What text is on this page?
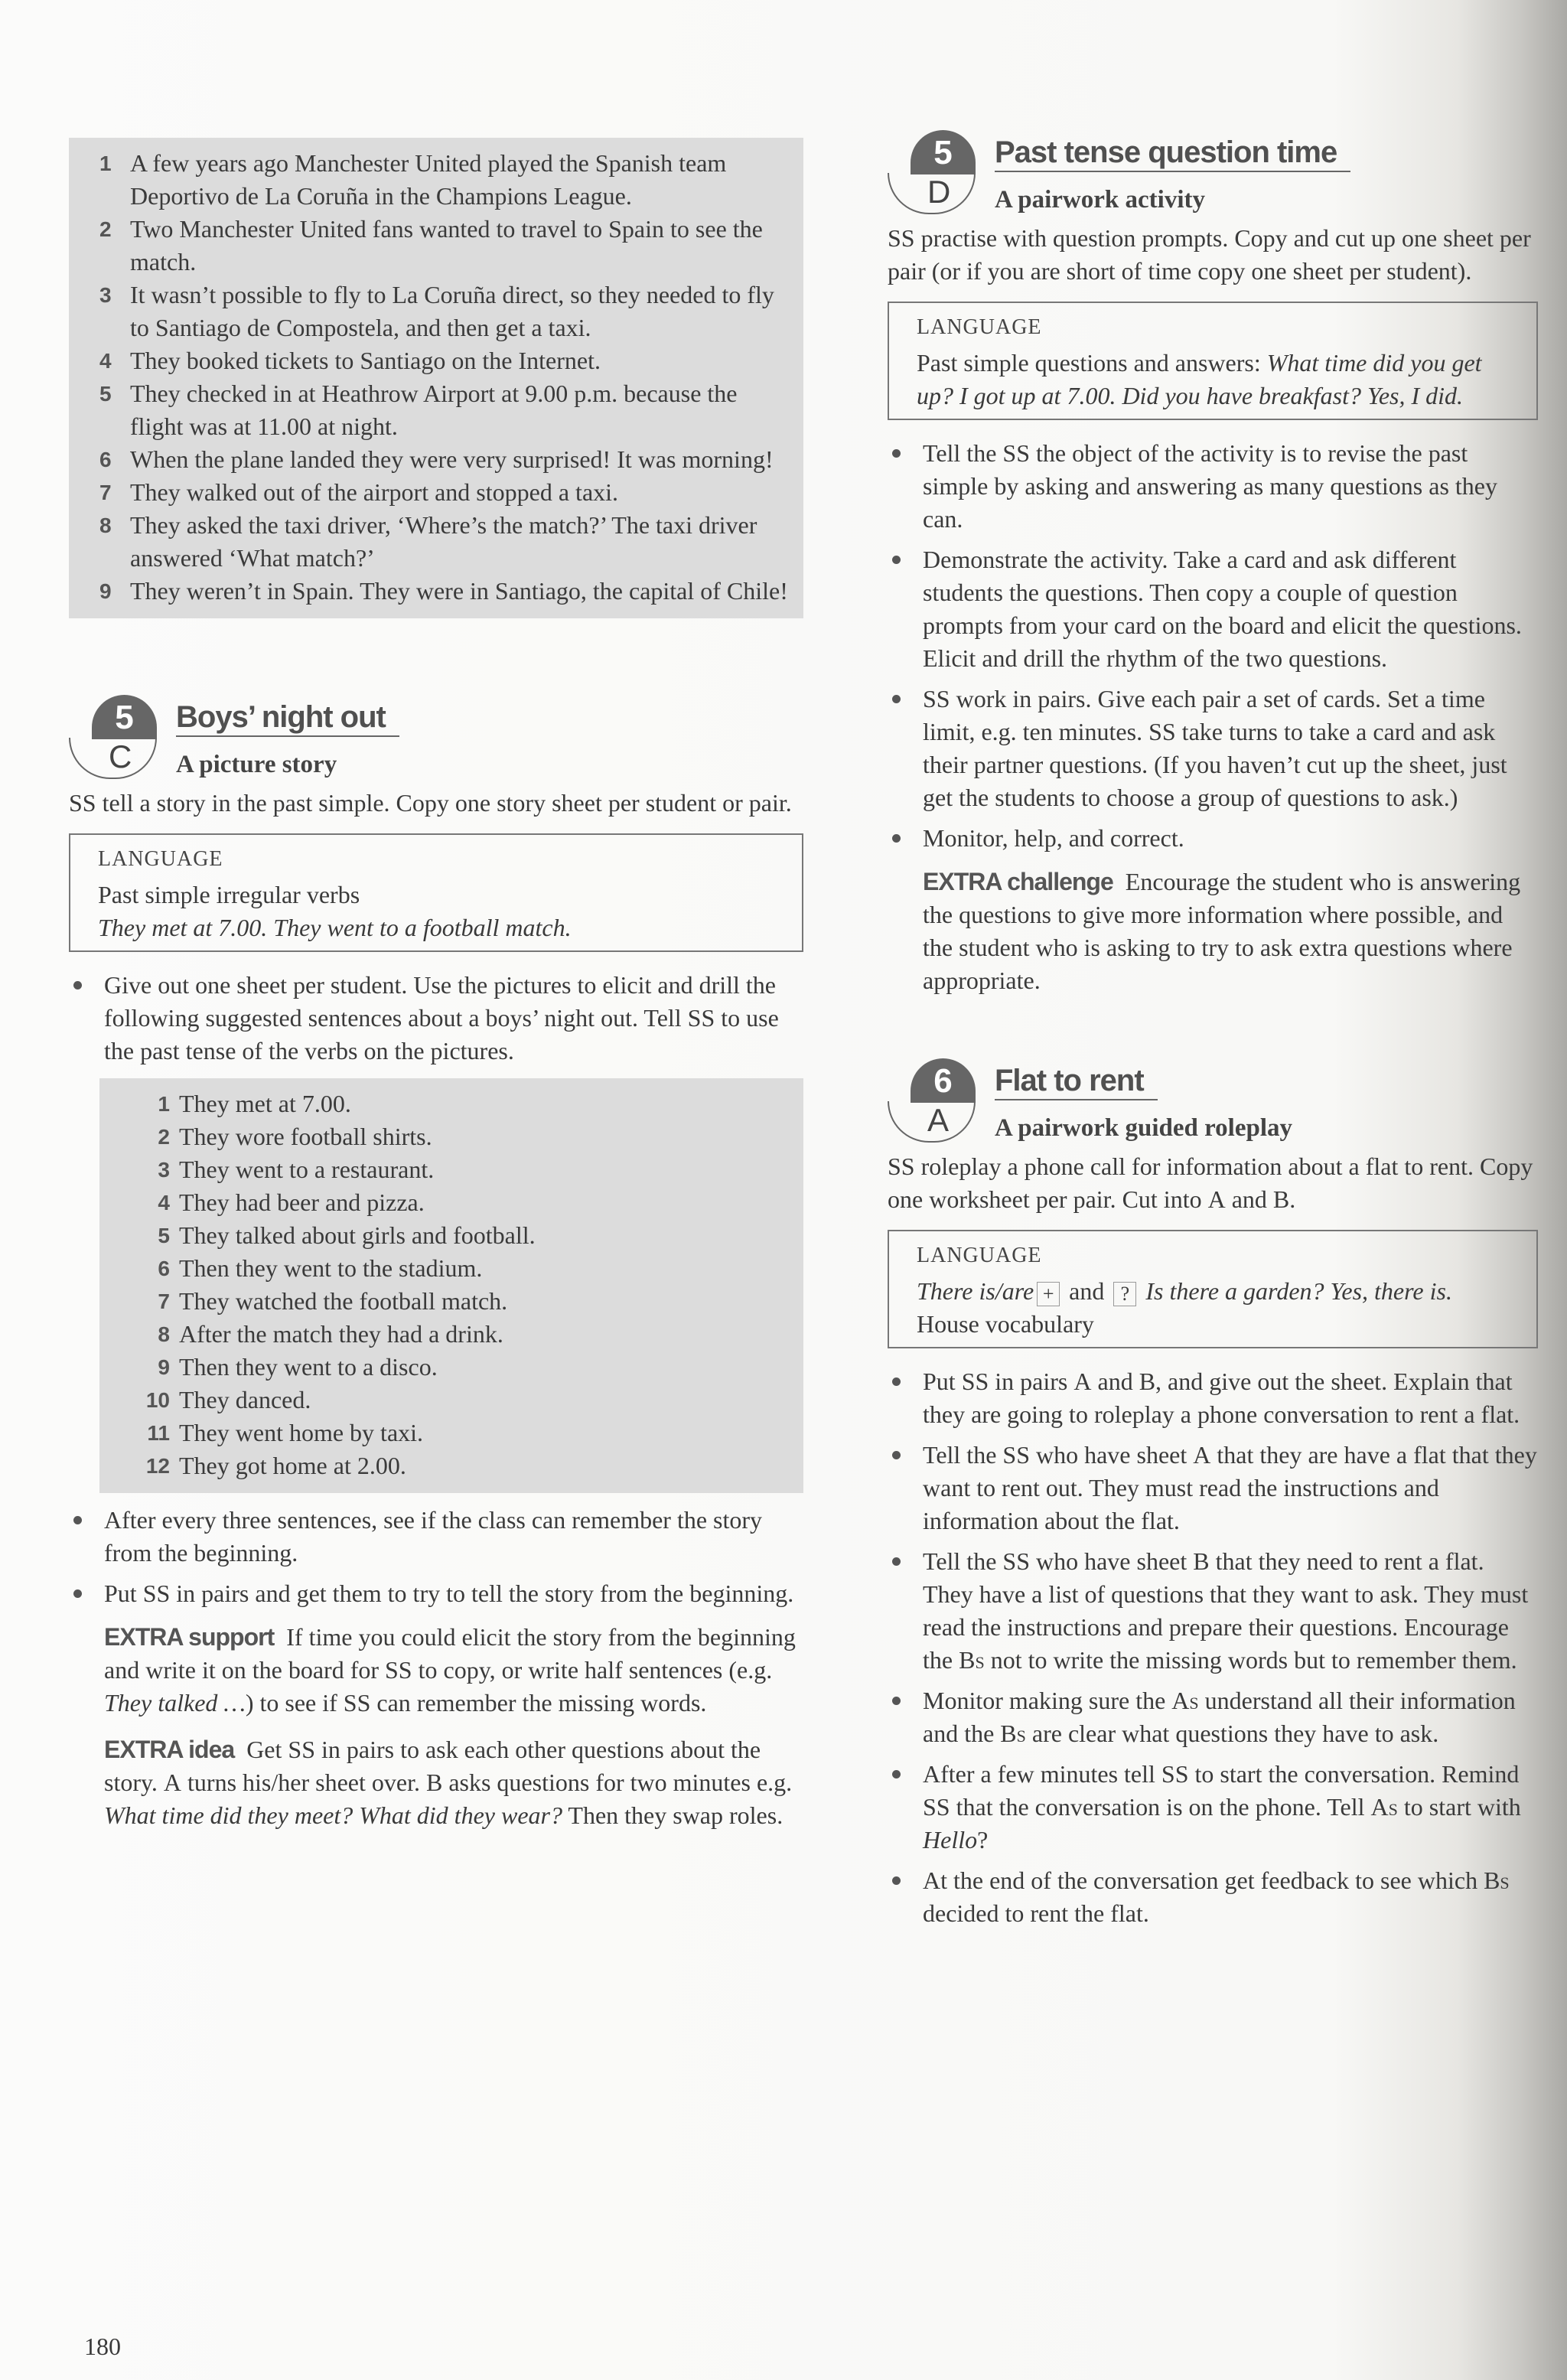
1 A few years ago Manchester United played the Spanish team Deportivo de La Coruña in the Champions League.
2 Two Manchester United fans wanted to travel to Spain to see the match.
3 It wasn’t possible to fly to La Coruña direct, so they needed to fly to Santiago de Compostela, and then get a taxi.
4 They booked tickets to Santiago on the Internet.
5 They checked in at Heathrow Airport at 9.00 p.m. because the flight was at 11.00 at night.
6 When the plane landed they were very surprised! It was morning!
7 They walked out of the airport and stopped a taxi.
8 They asked the taxi driver, ‘Where’s the match?’ The taxi driver answered ‘What match?’
9 They weren’t in Spain. They were in Santiago, the capital of Chile!
5
C
Boys’ night out
A picture story

SS tell a story in the past simple. Copy one story sheet per student or pair.

LANGUAGE

Past simple irregular verbs

They met at 7.00. They went to a football match.

Give out one sheet per student. Use the pictures to elicit and drill the following suggested sentences about a boys’ night out. Tell SS to use the past tense of the verbs on the pictures.
1 They met at 7.00.
2 They wore football shirts.
3 They went to a restaurant.
4 They had beer and pizza.
5 They talked about girls and football.
6 Then they went to the stadium.
7 They watched the football match.
8 After the match they had a drink.
9 Then they went to a disco.
10 They danced.
11 They went home by taxi.
12 They got home at 2.00.
After every three sentences, see if the class can remember the story from the beginning.
Put SS in pairs and get them to try to tell the story from the beginning.

EXTRA support If time you could elicit the story from the beginning and write it on the board for SS to copy, or write half sentences (e.g. They talked …) to see if SS can remember the missing words.

EXTRA idea Get SS in pairs to ask each other questions about the story. A turns his/her sheet over. B asks questions for two minutes e.g. What time did they meet? What did they wear? Then they swap roles.

5
D
Past tense question time
A pairwork activity

SS practise with question prompts. Copy and cut up one sheet per pair (or if you are short of time copy one sheet per student).

LANGUAGE

Past simple questions and answers: What time did you get up? I got up at 7.00. Did you have breakfast? Yes, I did.

Tell the SS the object of the activity is to revise the past simple by asking and answering as many questions as they can.
Demonstrate the activity. Take a card and ask different students the questions. Then copy a couple of question prompts from your card on the board and elicit the questions. Elicit and drill the rhythm of the two questions.
SS work in pairs. Give each pair a set of cards. Set a time limit, e.g. ten minutes. SS take turns to take a card and ask their partner questions. (If you haven’t cut up the sheet, just get the students to choose a group of questions to ask.)
Monitor, help, and correct.

EXTRA challenge Encourage the student who is answering the questions to give more information where possible, and the student who is asking to try to ask extra questions where appropriate.

6
A
Flat to rent
A pairwork guided roleplay

SS roleplay a phone call for information about a flat to rent. Copy one worksheet per pair. Cut into A and B.

LANGUAGE

There is/are + and ? Is there a garden? Yes, there is.

House vocabulary

Put SS in pairs A and B, and give out the sheet. Explain that they are going to roleplay a phone conversation to rent a flat.
Tell the SS who have sheet A that they are have a flat that they want to rent out. They must read the instructions and information about the flat.
Tell the SS who have sheet B that they need to rent a flat. They have a list of questions that they want to ask. They must read the instructions and prepare their questions. Encourage the Bs not to write the missing words but to remember them.
Monitor making sure the As understand all their information and the Bs are clear what questions they have to ask.
After a few minutes tell SS to start the conversation. Remind SS that the conversation is on the phone. Tell As to start with Hello?
At the end of the conversation get feedback to see which Bs decided to rent the flat.
180
